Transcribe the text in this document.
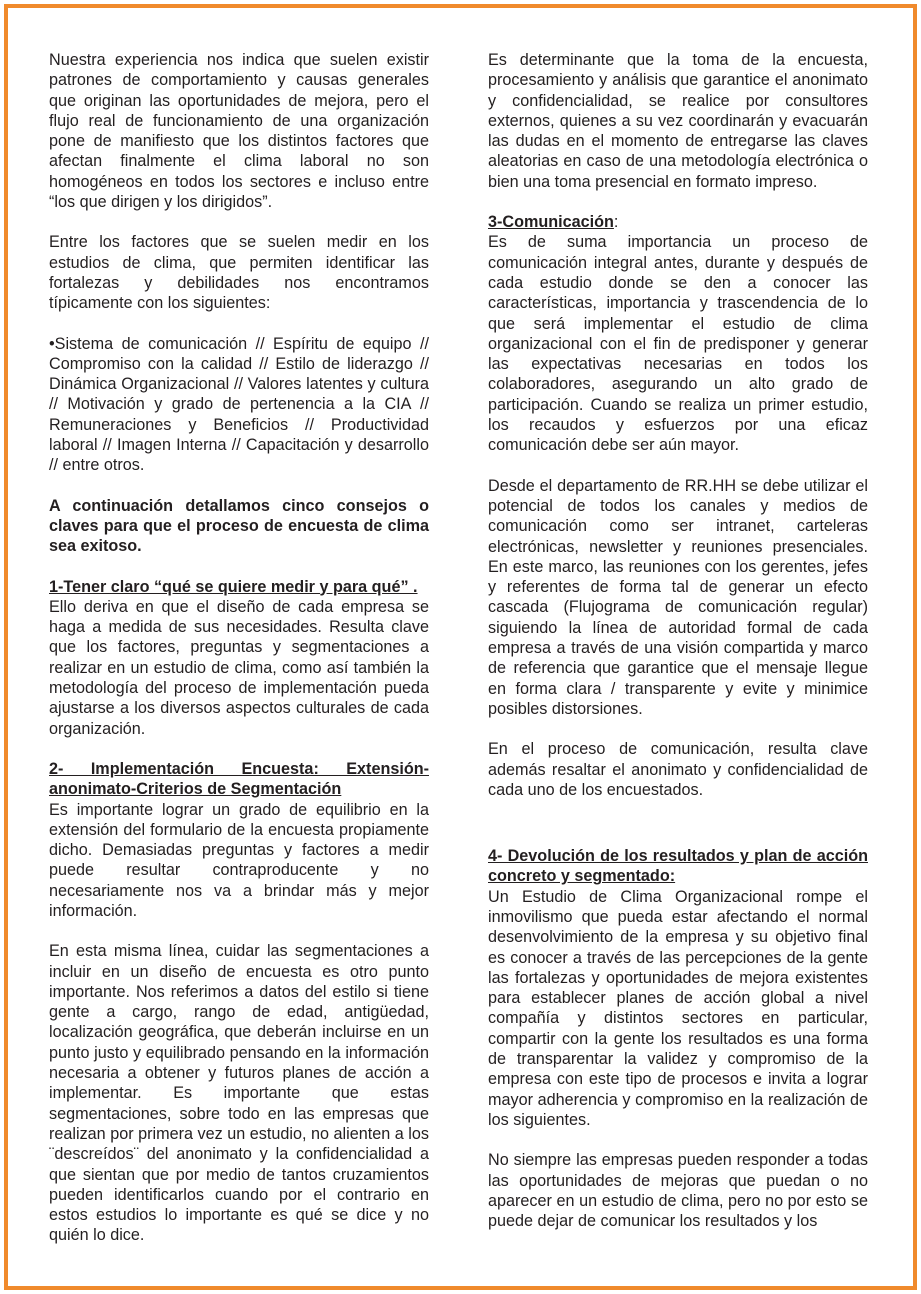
Nuestra experiencia nos indica que suelen existir patrones de comportamiento y causas generales que originan las oportunidades de mejora, pero el flujo real de funcionamiento de una organización pone de manifiesto que los distintos factores que afectan finalmente el clima laboral no son homogéneos en todos los sectores e incluso entre “los que dirigen y los dirigidos”.

Entre los factores que se suelen medir en los estudios de clima, que permiten identificar las fortalezas y debilidades nos encontramos típicamente con los siguientes:

•Sistema de comunicación // Espíritu de equipo // Compromiso con la calidad // Estilo de liderazgo // Dinámica Organizacional // Valores latentes y cultura // Motivación y grado de pertenencia a la CIA // Remuneraciones y Beneficios // Productividad laboral // Imagen Interna // Capacitación y desarrollo // entre otros.

A continuación detallamos cinco consejos o claves para que el proceso de encuesta de clima sea exitoso.

1-Tener claro “qué se quiere medir y para qué” .

Ello deriva en que el diseño de cada empresa se haga a medida de sus necesidades. Resulta clave que los factores, preguntas y segmentaciones a realizar en un estudio de clima, como así también la metodología del proceso de implementación pueda ajustarse a los diversos aspectos culturales de cada organización.

2- Implementación Encuesta: Extensión-anonimato-Criterios de Segmentación

Es importante lograr un grado de equilibrio en la extensión del formulario de la encuesta propiamente dicho. Demasiadas preguntas y factores a medir puede resultar contraproducente y no necesariamente nos va a brindar más y mejor información.

En esta misma línea, cuidar las segmentaciones a incluir en un diseño de encuesta es otro punto importante. Nos referimos a datos del estilo si tiene gente a cargo, rango de edad, antigüedad, localización geográfica, que deberán incluirse en un punto justo y equilibrado pensando en la información necesaria a obtener y futuros planes de acción a implementar. Es importante que estas segmentaciones, sobre todo en las empresas que realizan por primera vez un estudio, no alienten a los ¨descreídos¨ del anonimato y la confidencialidad a que sientan que por medio de tantos cruzamientos pueden identificarlos cuando por el contrario en estos estudios lo importante es qué se dice y no quién lo dice.

Es determinante que la toma de la encuesta, procesamiento y análisis que garantice el anonimato y confidencialidad, se realice por consultores externos, quienes a su vez coordinarán y evacuarán las dudas en el momento de entregarse las claves aleatorias en caso de una metodología electrónica o bien una toma presencial en formato impreso.

3-Comunicación:

Es de suma importancia un proceso de comunicación integral antes, durante y después de cada estudio donde se den a conocer las características, importancia y trascendencia de lo que será implementar el estudio de clima organizacional con el fin de predisponer y generar las expectativas necesarias en todos los colaboradores, asegurando un alto grado de participación. Cuando se realiza un primer estudio, los recaudos y esfuerzos por una eficaz comunicación debe ser aún mayor.

Desde el departamento de RR.HH se debe utilizar el potencial de todos los canales y medios de comunicación como ser intranet, carteleras electrónicas, newsletter y reuniones presenciales. En este marco, las reuniones con los gerentes, jefes y referentes de forma tal de generar un efecto cascada (Flujograma de comunicación regular) siguiendo la línea de autoridad formal de cada empresa a través de una visión compartida y marco de referencia que garantice que el mensaje llegue en forma clara / transparente y evite y minimice posibles distorsiones.

En el proceso de comunicación, resulta clave además resaltar el anonimato y confidencialidad de cada uno de los encuestados.

4- Devolución de los resultados y plan de acción concreto y segmentado:

Un Estudio de Clima Organizacional rompe el inmovilismo que pueda estar afectando el normal desenvolvimiento de la empresa y su objetivo final es conocer a través de las percepciones de la gente las fortalezas y oportunidades de mejora existentes para establecer planes de acción global a nivel compañía y distintos sectores en particular, compartir con la gente los resultados es una forma de transparentar la validez y compromiso de la empresa con este tipo de procesos e invita a lograr mayor adherencia y compromiso en la realización de los siguientes.

No siempre las empresas pueden responder a todas las oportunidades de mejoras que puedan o no aparecer en un estudio de clima, pero no por esto se puede dejar de comunicar los resultados y los
